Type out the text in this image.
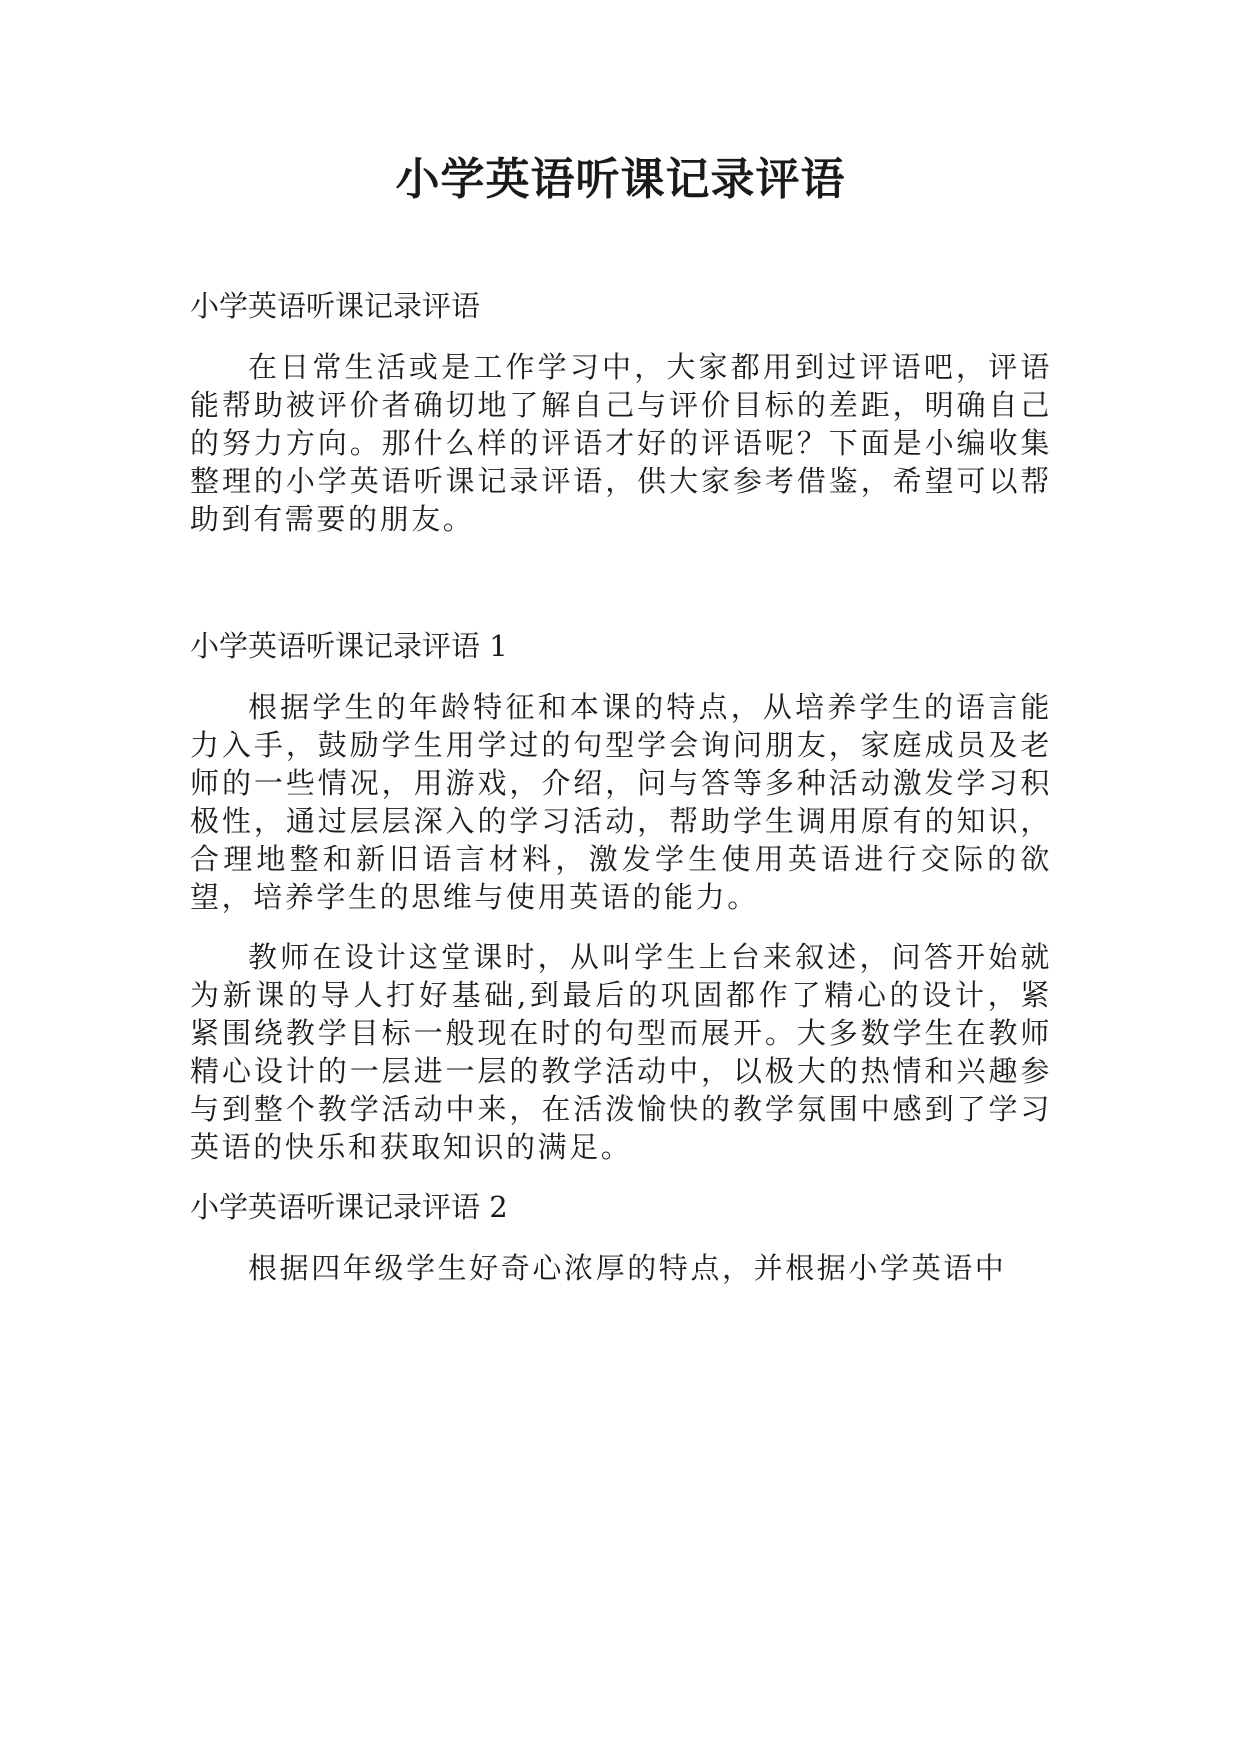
小学英语听课记录评语
小学英语听课记录评语

在日常生活或是工作学习中，大家都用到过评语吧，评语能帮助被评价者确切地了解自己与评价目标的差距，明确自己的努力方向。那什么样的评语才好的评语呢？下面是小编收集整理的小学英语听课记录评语，供大家参考借鉴，希望可以帮助到有需要的朋友。

小学英语听课记录评语 1

根据学生的年龄特征和本课的特点，从培养学生的语言能力入手，鼓励学生用学过的句型学会询问朋友，家庭成员及老师的一些情况，用游戏，介绍，问与答等多种活动激发学习积极性，通过层层深入的学习活动，帮助学生调用原有的知识，合理地整和新旧语言材料，激发学生使用英语进行交际的欲望，培养学生的思维与使用英语的能力。

教师在设计这堂课时，从叫学生上台来叙述，问答开始就为新课的导人打好基础,到最后的巩固都作了精心的设计，紧紧围绕教学目标一般现在时的句型而展开。大多数学生在教师精心设计的一层进一层的教学活动中，以极大的热情和兴趣参与到整个教学活动中来，在活泼愉快的教学氛围中感到了学习英语的快乐和获取知识的满足。

小学英语听课记录评语 2

根据四年级学生好奇心浓厚的特点，并根据小学英语中
